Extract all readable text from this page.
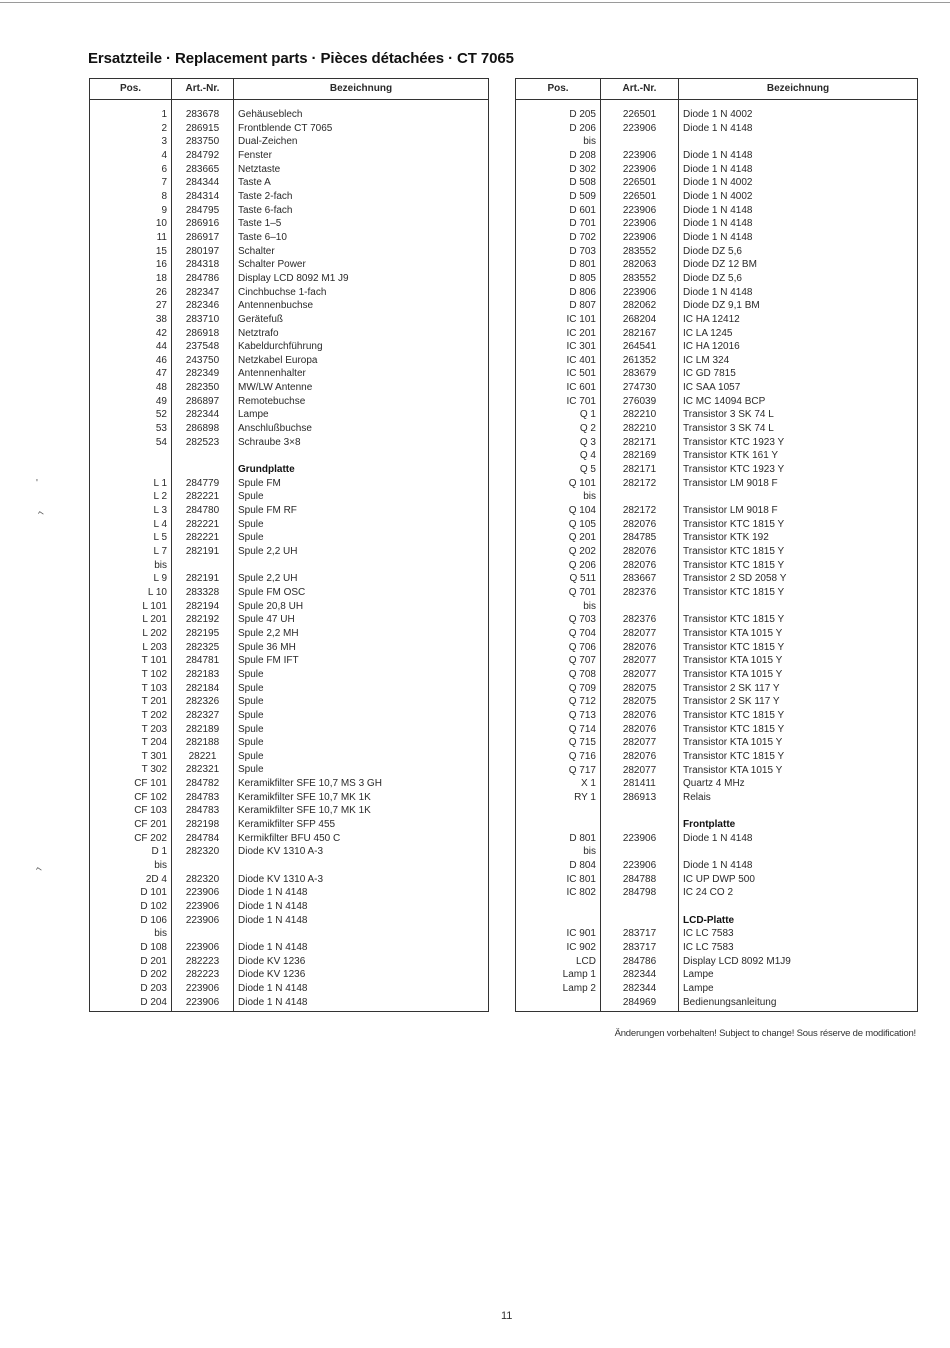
Ersatzteile · Replacement parts · Pièces détachées · CT 7065
Pos.	Art.-Nr.	Bezeichnung
1	283678	Gehäuseblech
2	286915	Frontblende CT 7065
3	283750	Dual-Zeichen
4	284792	Fenster
6	283665	Netztaste
7	284344	Taste A
8	284314	Taste 2-fach
9	284795	Taste 6-fach
10	286916	Taste 1–5
11	286917	Taste 6–10
15	280197	Schalter
16	284318	Schalter Power
18	284786	Display LCD 8092 M1 J9
26	282347	Cinchbuchse 1-fach
27	282346	Antennenbuchse
38	283710	Gerätefuß
42	286918	Netztrafo
44	237548	Kabeldurchführung
46	243750	Netzkabel Europa
47	282349	Antennenhalter
48	282350	MW/LW Antenne
49	286897	Remotebuchse
52	282344	Lampe
53	286898	Anschlußbuchse
54	282523	Schraube 3×8

		Grundplatte
L 1	284779	Spule FM
L 2	282221	Spule
L 3	284780	Spule FM RF
L 4	282221	Spule
L 5	282221	Spule
L 7	282191	Spule 2,2 UH
bis		
L 9	282191	Spule 2,2 UH
L 10	283328	Spule FM OSC
L 101	282194	Spule 20,8 UH
L 201	282192	Spule 47 UH
L 202	282195	Spule 2,2 MH
L 203	282325	Spule 36 MH
T 101	284781	Spule FM IFT
T 102	282183	Spule
T 103	282184	Spule
T 201	282326	Spule
T 202	282327	Spule
T 203	282189	Spule
T 204	282188	Spule
T 301	28221	Spule
T 302	282321	Spule
CF 101	284782	Keramikfilter SFE 10,7 MS 3 GH
CF 102	284783	Keramikfilter SFE 10,7 MK 1K
CF 103	284783	Keramikfilter SFE 10,7 MK 1K
CF 201	282198	Keramikfilter SFP 455
CF 202	284784	Kermikfilter BFU 450 C
D 1	282320	Diode KV 1310 A-3
bis		
2D 4	282320	Diode KV 1310 A-3
D 101	223906	Diode 1 N 4148
D 102	223906	Diode 1 N 4148
D 106	223906	Diode 1 N 4148
bis		
D 108	223906	Diode 1 N 4148
D 201	282223	Diode KV 1236
D 202	282223	Diode KV 1236
D 203	223906	Diode 1 N 4148
D 204	223906	Diode 1 N 4148
Pos.	Art.-Nr.	Bezeichnung
D 205	226501	Diode 1 N 4002
D 206	223906	Diode 1 N 4148
bis		
D 208	223906	Diode 1 N 4148
D 302	223906	Diode 1 N 4148
D 508	226501	Diode 1 N 4002
D 509	226501	Diode 1 N 4002
D 601	223906	Diode 1 N 4148
D 701	223906	Diode 1 N 4148
D 702	223906	Diode 1 N 4148
D 703	283552	Diode DZ 5,6
D 801	282063	Diode DZ 12 BM
D 805	283552	Diode DZ 5,6
D 806	223906	Diode 1 N 4148
D 807	282062	Diode DZ 9,1 BM
IC 101	268204	IC HA 12412
IC 201	282167	IC LA 1245
IC 301	264541	IC HA 12016
IC 401	261352	IC LM 324
IC 501	283679	IC GD 7815
IC 601	274730	IC SAA 1057
IC 701	276039	IC MC 14094 BCP
Q 1	282210	Transistor 3 SK 74 L
Q 2	282210	Transistor 3 SK 74 L
Q 3	282171	Transistor KTC 1923 Y
Q 4	282169	Transistor KTK 161 Y
Q 5	282171	Transistor KTC 1923 Y
Q 101	282172	Transistor LM 9018 F
bis		
Q 104	282172	Transistor LM 9018 F
Q 105	282076	Transistor KTC 1815 Y
Q 201	284785	Transistor KTK 192
Q 202	282076	Transistor KTC 1815 Y
Q 206	282076	Transistor KTC 1815 Y
Q 511	283667	Transistor 2 SD 2058 Y
Q 701	282376	Transistor KTC 1815 Y
bis		
Q 703	282376	Transistor KTC 1815 Y
Q 704	282077	Transistor KTA 1015 Y
Q 706	282076	Transistor KTC 1815 Y
Q 707	282077	Transistor KTA 1015 Y
Q 708	282077	Transistor KTA 1015 Y
Q 709	282075	Transistor 2 SK 117 Y
Q 712	282075	Transistor 2 SK 117 Y
Q 713	282076	Transistor KTC 1815 Y
Q 714	282076	Transistor KTC 1815 Y
Q 715	282077	Transistor KTA 1015 Y
Q 716	282076	Transistor KTC 1815 Y
Q 717	282077	Transistor KTA 1015 Y
X 1	281411	Quartz 4 MHz
RY 1	286913	Relais

		Frontplatte
D 801	223906	Diode 1 N 4148
bis		
D 804	223906	Diode 1 N 4148
IC 801	284788	IC UP DWP 500
IC 802	284798	IC 24 CO 2

		LCD-Platte
IC 901	283717	IC LC 7583
IC 902	283717	IC LC 7583
LCD	284786	Display LCD 8092 M1J9
Lamp 1	282344	Lampe
Lamp 2	282344	Lampe
	284969	Bedienungsanleitung
Änderungen vorbehalten! Subject to change! Sous réserve de modification!
11
'
⌐
⌐
